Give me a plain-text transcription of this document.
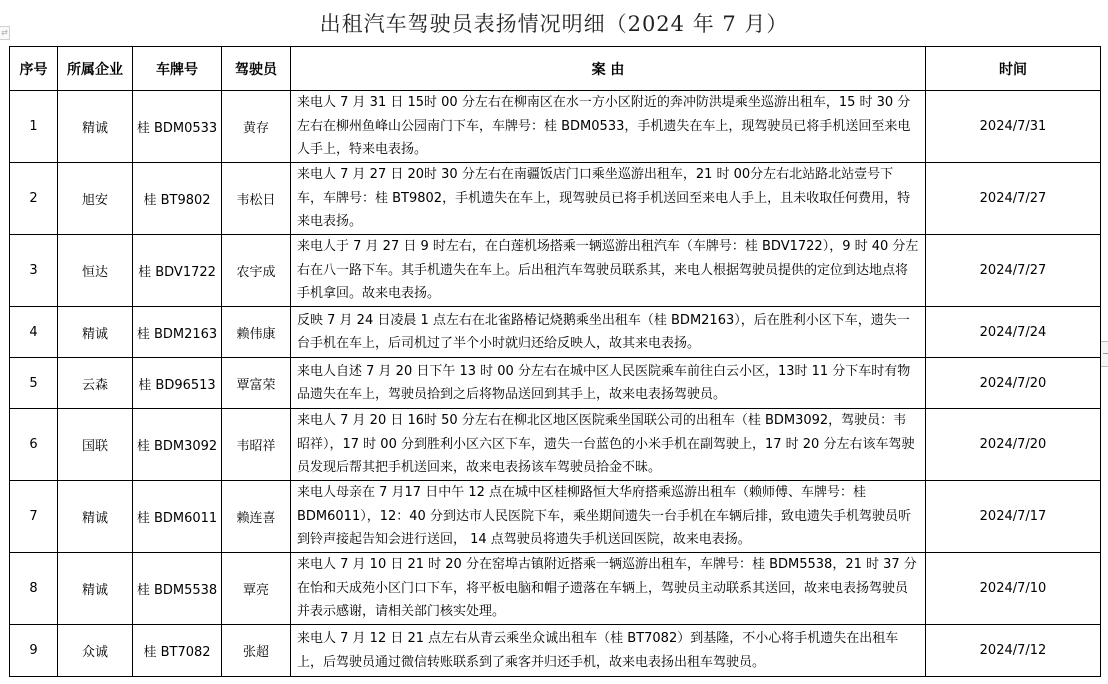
出租汽车驾驶员表扬情况明细（2024 年 7 月）
⇄
序号	所属企业	车牌号	驾驶员	案 由	时间
1	精诚	桂 BDM0533	黄存	来电人 7 月 31 日 15时 00 分左右在柳南区在水一方小区附近的奔冲防洪堤乘坐巡游出租车，15 时 30 分左右在柳州鱼峰山公园南门下车，车牌号：桂 BDM0533，手机遗失在车上，现驾驶员已将手机送回至来电人手上，特来电表扬。	2024/7/31
2	旭安	桂 BT9802	韦松日	来电人 7 月 27 日 20时 30 分左右在南疆饭店门口乘坐巡游出租车，21 时 00分左右北站路北站壹号下车，车牌号：桂 BT9802，手机遗失在车上，现驾驶员已将手机送回至来电人手上，且未收取任何费用，特来电表扬。	2024/7/27
3	恒达	桂 BDV1722	农宇成	来电人于 7 月 27 日 9 时左右，在白莲机场搭乘一辆巡游出租汽车（车牌号：桂 BDV1722），9 时 40 分左右在八一路下车。其手机遗失在车上。后出租汽车驾驶员联系其，来电人根据驾驶员提供的定位到达地点将手机拿回。故来电表扬。	2024/7/27
4	精诚	桂 BDM2163	赖伟康	反映 7 月 24 日凌晨 1 点左右在北雀路椿记烧鹅乘坐出租车（桂 BDM2163），后在胜利小区下车，遗失一台手机在车上，后司机过了半个小时就归还给反映人，故其来电表扬。	2024/7/24
5	云森	桂 BD96513	覃富荣	来电人自述 7 月 20 日下午 13 时 00 分左右在城中区人民医院乘车前往白云小区，13时 11 分下车时有物品遗失在车上，驾驶员拾到之后将物品送回到其手上，故来电表扬驾驶员。	2024/7/20
6	国联	桂 BDM3092	韦昭祥	来电人 7 月 20 日 16时 50 分左右在柳北区地区医院乘坐国联公司的出租车（桂 BDM3092，驾驶员：韦昭祥），17 时 00 分到胜利小区六区下车，遗失一台蓝色的小米手机在副驾驶上，17 时 20 分左右该车驾驶员发现后帮其把手机送回来，故来电表扬该车驾驶员拾金不昧。	2024/7/20
7	精诚	桂 BDM6011	赖连喜	来电人母亲在 7 月17 日中午 12 点在城中区桂柳路恒大华府搭乘巡游出租车（赖师傅、车牌号：桂 BDM6011），12：40 分到达市人民医院下车，乘坐期间遗失一台手机在车辆后排，致电遗失手机驾驶员听到铃声接起告知会进行送回， 14 点驾驶员将遗失手机送回医院，故来电表扬。	2024/7/17
8	精诚	桂 BDM5538	覃亮	来电人 7 月 10 日 21 时 20 分在窑埠古镇附近搭乘一辆巡游出租车，车牌号：桂 BDM5538，21 时 37 分在怡和天成苑小区门口下车，将平板电脑和帽子遗落在车辆上，驾驶员主动联系其送回，故来电表扬驾驶员并表示感谢，请相关部门核实处理。	2024/7/10
9	众诚	桂 BT7082	张超	来电人 7 月 12 日 21 点左右从青云乘坐众诚出租车（桂 BT7082）到基隆，不小心将手机遗失在出租车上，后驾驶员通过微信转账联系到了乘客并归还手机，故来电表扬出租车驾驶员。	2024/7/12
